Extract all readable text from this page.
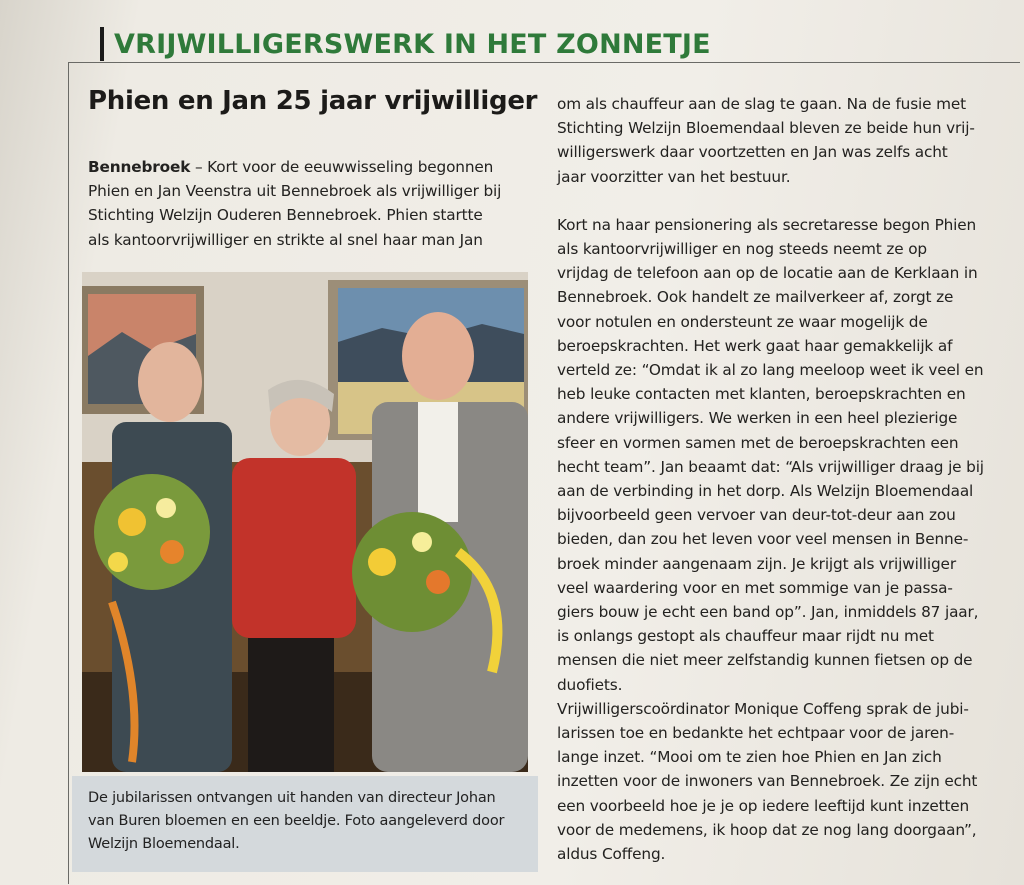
VRIJWILLIGERSWERK IN HET ZONNETJE
Phien en Jan 25 jaar vrijwilliger

Bennebroek – Kort voor de eeuwwisseling begonnen

Phien en Jan Veenstra uit Bennebroek als vrijwilliger bij

Stichting Welzijn Ouderen Bennebroek. Phien startte

als kantoorvrijwilliger en strikte al snel haar man Jan

De jubilarissen ontvangen uit handen van directeur Johan

van Buren bloemen en een beeldje. Foto aangeleverd door

Welzijn Bloemendaal.

om als chauffeur aan de slag te gaan. Na de fusie met

Stichting Welzijn Bloemendaal bleven ze beide hun vrij-

willigerswerk daar voortzetten en Jan was zelfs acht

jaar voorzitter van het bestuur.

Kort na haar pensionering als secretaresse begon Phien

als kantoorvrijwilliger en nog steeds neemt ze op

vrijdag de telefoon aan op de locatie aan de Kerklaan in

Bennebroek. Ook handelt ze mailverkeer af, zorgt ze

voor notulen en ondersteunt ze waar mogelijk de

beroepskrachten. Het werk gaat haar gemakkelijk af

verteld ze: “Omdat ik al zo lang meeloop weet ik veel en

heb leuke contacten met klanten, beroepskrachten en

andere vrijwilligers. We werken in een heel plezierige

sfeer en vormen samen met de beroepskrachten een

hecht team”. Jan beaamt dat: “Als vrijwilliger draag je bij

aan de verbinding in het dorp. Als Welzijn Bloemendaal

bijvoorbeeld geen vervoer van deur-tot-deur aan zou

bieden, dan zou het leven voor veel mensen in Benne-

broek minder aangenaam zijn. Je krijgt als vrijwilliger

veel waardering voor en met sommige van je passa-

giers bouw je echt een band op”. Jan, inmiddels 87 jaar,

is onlangs gestopt als chauffeur maar rijdt nu met

mensen die niet meer zelfstandig kunnen fietsen op de

duofiets.

Vrijwilligerscoördinator Monique Coffeng sprak de jubi-

larissen toe en bedankte het echtpaar voor de jaren-

lange inzet. “Mooi om te zien hoe Phien en Jan zich

inzetten voor de inwoners van Bennebroek. Ze zijn echt

een voorbeeld hoe je je op iedere leeftijd kunt inzetten

voor de medemens, ik hoop dat ze nog lang doorgaan”,

aldus Coffeng.
